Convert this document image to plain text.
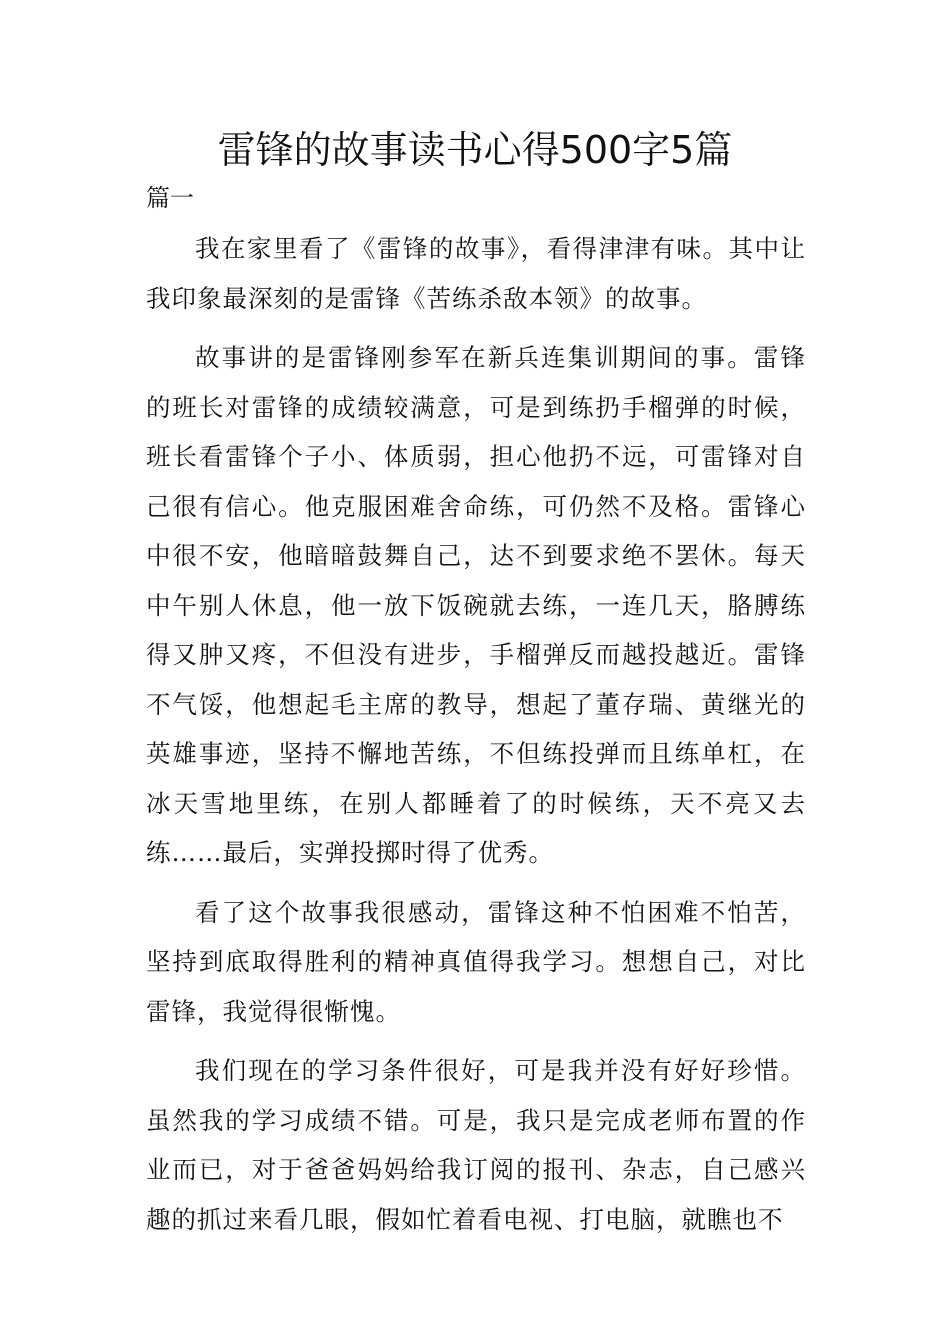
雷锋的故事读书心得500字5篇
篇一

我在家里看了《雷锋的故事》，看得津津有味。其中让我印象最深刻的是雷锋《苦练杀敌本领》的故事。

故事讲的是雷锋刚参军在新兵连集训期间的事。雷锋的班长对雷锋的成绩较满意，可是到练扔手榴弹的时候，班长看雷锋个子小、体质弱，担心他扔不远，可雷锋对自己很有信心。他克服困难舍命练，可仍然不及格。雷锋心中很不安，他暗暗鼓舞自己，达不到要求绝不罢休。每天中午别人休息，他一放下饭碗就去练，一连几天，胳膊练得又肿又疼，不但没有进步，手榴弹反而越投越近。雷锋不气馁，他想起毛主席的教导，想起了董存瑞、黄继光的英雄事迹，坚持不懈地苦练，不但练投弹而且练单杠，在冰天雪地里练，在别人都睡着了的时候练，天不亮又去练……最后，实弹投掷时得了优秀。

看了这个故事我很感动，雷锋这种不怕困难不怕苦，坚持到底取得胜利的精神真值得我学习。想想自己，对比雷锋，我觉得很惭愧。

我们现在的学习条件很好，可是我并没有好好珍惜。虽然我的学习成绩不错。可是，我只是完成老师布置的作业而已，对于爸爸妈妈给我订阅的报刊、杂志，自己感兴趣的抓过来看几眼，假如忙着看电视、打电脑，就瞧也不
